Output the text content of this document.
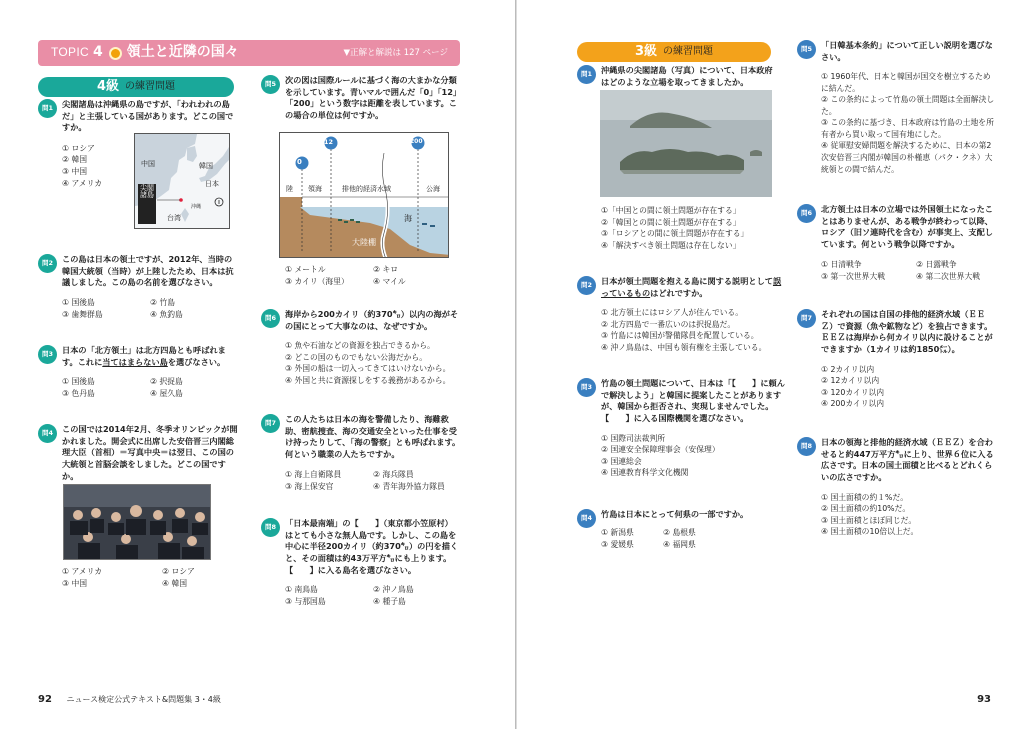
TOPIC 4 領土と近隣の国々	▼正解と解説は 127 ページ
4級 の練習問題
問1	尖閣諸島は沖縄県の島ですが、「われわれの島だ」と主張している国があります。どこの国ですか。
① ロシア
② 韓国
③ 中国
④ アメリカ
中国	韓国
日本
沖縄
台湾
尖閣諸島
問2	この島は日本の領土ですが、2012年、当時の韓国大統領（当時）が上陸したため、日本は抗議しました。この島の名前を選びなさい。
① 国後島	② 竹島
③ 歯舞群島	④ 魚釣島
問3	日本の「北方領土」は北方四島とも呼ばれます。これに当てはまらない島を選びなさい。
① 国後島	② 択捉島
③ 色丹島	④ 屋久島
問4	この国では2014年2月、冬季オリンピックが開かれました。開会式に出席した安倍晋三内閣総理大臣（首相）＝写真中央＝は翌日、この国の大統領と首脳会談をしました。どこの国ですか。
① アメリカ	② ロシア
③ 中国	④ 韓国
問5	次の図は国際ルールに基づく海の大まかな分類を示しています。青いマルで囲んだ「0」「12」「200」という数字は距離を表しています。この場合の単位は何ですか。
0
12	200
陸 領海	排他的経済水域	公海
海
大陸棚
① メートル	② キロ
③ カイリ（海里）	④ マイル
問6	海岸から200カイリ（約370㌔）以内の海がその国にとって大事なのは、なぜですか。
① 魚や石油などの資源を独占できるから。
② どこの国のものでもない公海だから。
③ 外国の船は一切入ってきてはいけないから。
④ 外国と共に資源探しをする義務があるから。
問7	この人たちは日本の海を警備したり、海難救助、密航捜査、海の交通安全といった仕事を受け持ったりして、「海の警察」とも呼ばれます。何という職業の人たちですか。
① 海上自衛隊員	② 海兵隊員
③ 海上保安官	④ 青年海外協力隊員
問8	「日本最南端」の【　　】（東京都小笠原村）はとても小さな無人島です。しかし、この島を中心に半径200カイリ（約370㌔）の円を描くと、その面積は約43万平方㌔にも上ります。【　　】に入る島名を選びなさい。
① 南鳥島	② 沖ノ鳥島
③ 与那国島	④ 種子島
92 ニュース検定公式テキスト&問題集 3・4級
3級 の練習問題
問1	沖縄県の尖閣諸島（写真）について、日本政府はどのような立場を取ってきましたか。
①「中国との間に領土問題が存在する」
②「韓国との間に領土問題が存在する」
③「ロシアとの間に領土問題が存在する」
④「解決すべき領土問題は存在しない」
問2	日本が領土問題を抱える島に関する説明として誤っているものはどれですか。
① 北方領土にはロシア人が住んでいる。
② 北方四島で一番広いのは択捉島だ。
③ 竹島には韓国が警備隊員を配置している。
④ 沖ノ鳥島は、中国も領有権を主張している。
問3	竹島の領土問題について、日本は「【　　】に頼んで解決しよう」と韓国に提案したことがありますが、韓国から拒否され、実現しませんでした。【　　】に入る国際機関を選びなさい。
① 国際司法裁判所
② 国連安全保障理事会（安保理）
③ 国連総会
④ 国連教育科学文化機関
問4	竹島は日本にとって何県の一部ですか。
① 新潟県	② 島根県
③ 愛媛県	④ 福岡県
問5	「日韓基本条約」について正しい説明を選びなさい。
① 1960年代、日本と韓国が国交を樹立するために結んだ。
② この条約によって竹島の領土問題は全面解決した。
③ この条約に基づき、日本政府は竹島の土地を所有者から買い取って国有地にした。
④ 従軍慰安婦問題を解決するために、日本の第2次安倍晋三内閣が韓国の朴槿恵（パク・クネ）大統領との間で結んだ。
問6	北方領土は日本の立場では外国領土になったことはありませんが、ある戦争が終わって以降、ロシア（旧ソ連時代を含む）が事実上、支配しています。何という戦争以降ですか。
① 日清戦争	② 日露戦争
③ 第一次世界大戦	④ 第二次世界大戦
問7	それぞれの国は自国の排他的経済水域（ＥＥＺ）で資源（魚や鉱物など）を独占できます。ＥＥＺは海岸から何カイリ以内に設けることができますか（1カイリは約1850㍍）。
① 2カイリ以内
② 12カイリ以内
③ 120カイリ以内
④ 200カイリ以内
問8	日本の領海と排他的経済水域（ＥＥＺ）を合わせると約447万平方㌔に上り、世界６位に入る広さです。日本の国土面積と比べるとどれくらいの広さですか。
① 国土面積の約１%だ。
② 国土面積の約10%だ。
③ 国土面積とほぼ同じだ。
④ 国土面積の10倍以上だ。
93
